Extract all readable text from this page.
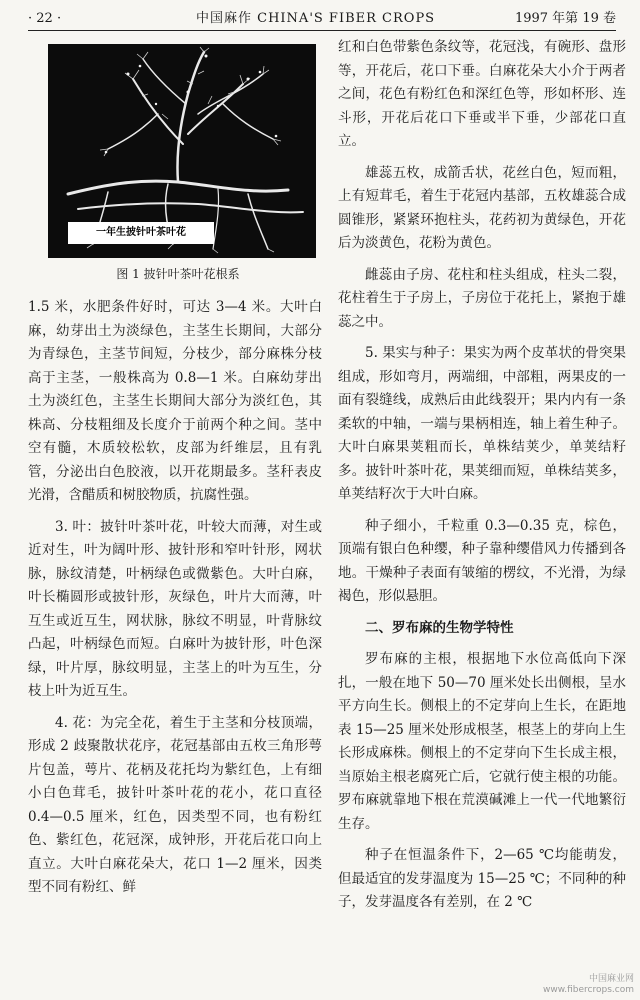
· 22 ·	中国麻作 CHINA'S FIBER CROPS	1997 年第 19 卷
一年生披针叶茶叶花
图 1 披针叶茶叶花根系

1.5 米，水肥条件好时，可达 3—4 米。大叶白麻，幼芽出土为淡绿色，主茎生长期间，大部分为青绿色，主茎节间短，分枝少，部分麻株分枝高于主茎，一般株高为 0.8—1 米。白麻幼芽出土为淡红色，主茎生长期间大部分为淡红色，其株高、分枝粗细及长度介于前两个种之间。茎中空有髓，木质较松软，皮部为纤维层，且有乳管，分泌出白色胶液，以开花期最多。茎秆表皮光滑，含醋质和树胶物质，抗腐性强。

3. 叶：披针叶茶叶花，叶较大而薄，对生或近对生，叶为阔叶形、披针形和窄叶针形，网状脉，脉纹清楚，叶柄绿色或微紫色。大叶白麻，叶长椭圆形或披针形，灰绿色，叶片大而薄，叶互生或近互生，网状脉，脉纹不明显，叶背脉纹凸起，叶柄绿色而短。白麻叶为披针形，叶色深绿，叶片厚，脉纹明显，主茎上的叶为互生，分枝上叶为近互生。

4. 花：为完全花，着生于主茎和分枝顶端，形成 2 歧聚散状花序，花冠基部由五枚三角形萼片包盖，萼片、花柄及花托均为紫红色，上有细小白色茸毛，披针叶茶叶花的花小，花口直径 0.4—0.5 厘米，红色，因类型不同，也有粉红色、紫红色，花冠深，成钟形，开花后花口向上直立。大叶白麻花朵大，花口 1—2 厘米，因类型不同有粉红、鲜

红和白色带紫色条纹等，花冠浅，有碗形、盘形等，开花后，花口下垂。白麻花朵大小介于两者之间，花色有粉红色和深红色等，形如杯形、连斗形，开花后花口下垂或半下垂，少部花口直立。

雄蕊五枚，成箭舌状，花丝白色，短而粗，上有短茸毛，着生于花冠内基部，五枚雄蕊合成圆锥形，紧紧环抱柱头，花药初为黄绿色，开花后为淡黄色，花粉为黄色。

雌蕊由子房、花柱和柱头组成，柱头二裂，花柱着生于子房上，子房位于花托上，紧抱于雄蕊之中。

5. 果实与种子：果实为两个皮革状的骨突果组成，形如弯月，两端细，中部粗，两果皮的一面有裂缝线，成熟后由此线裂开；果内内有一条柔软的中轴，一端与果柄相连，轴上着生种子。大叶白麻果荚粗而长，单株结荚少，单荚结籽多。披针叶茶叶花，果荚细而短，单株结荚多，单荚结籽次于大叶白麻。

种子细小，千粒重 0.3—0.35 克，棕色，顶端有银白色种缨，种子靠种缨借风力传播到各地。干燥种子表面有皱缩的楞纹，不光滑，为绿褐色，形似悬胆。

二、罗布麻的生物学特性

罗布麻的主根，根据地下水位高低向下深扎，一般在地下 50—70 厘米处长出侧根，呈水平方向生长。侧根上的不定芽向上生长，在距地表 15—25 厘米处形成根茎，根茎上的芽向上生长形成麻株。侧根上的不定芽向下生长成主根，当原始主根老腐死亡后，它就行使主根的功能。罗布麻就靠地下根在荒漠碱滩上一代一代地繁衍生存。

种子在恒温条件下，2—65 ℃均能萌发，但最适宜的发芽温度为 15—25 ℃；不同种的种子，发芽温度各有差别，在 2 ℃

中国麻业网
www.fibercrops.com
